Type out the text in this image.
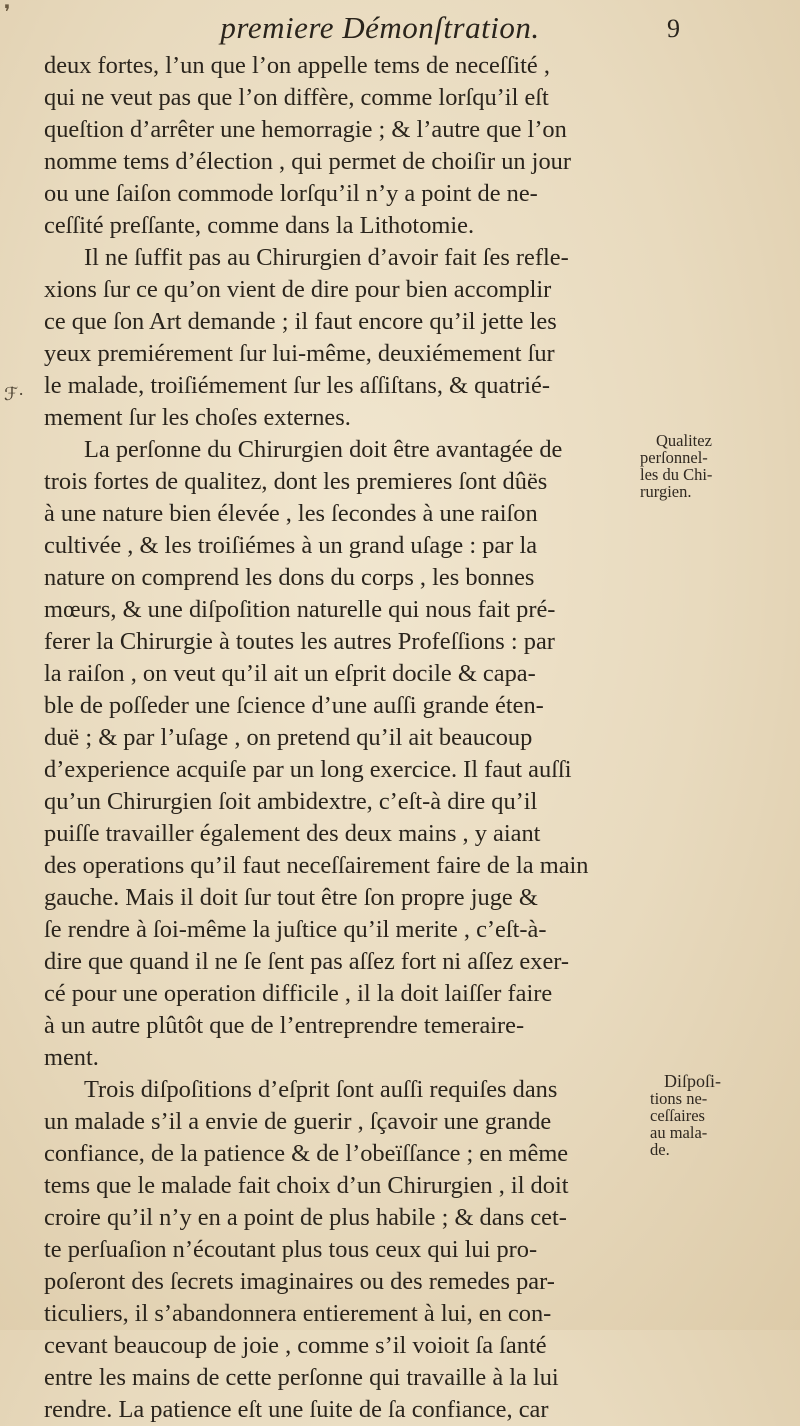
premiere Démonſtration.	9
deux fortes, l’un que l’on appelle tems de neceſſité ,
qui ne veut pas que l’on diffère, comme lorſqu’il eſt
queſtion d’arrêter une hemorragie ; & l’autre que l’on
nomme tems d’élection , qui permet de choiſir un jour
ou une ſaiſon commode lorſqu’il n’y a point de ne-
ceſſité preſſante, comme dans la Lithotomie.
Il ne ſuffit pas au Chirurgien d’avoir fait ſes refle-
xions ſur ce qu’on vient de dire pour bien accomplir
ce que ſon Art demande ; il faut encore qu’il jette les
yeux premiérement ſur lui-même, deuxiémement ſur
le malade, troiſiémement ſur les aſſiſtans, & quatrié-
mement ſur les choſes externes.
La perſonne du Chirurgien doit être avantagée de
trois fortes de qualitez, dont les premieres ſont dûës
à une nature bien élevée , les ſecondes à une raiſon
cultivée , & les troiſiémes à un grand uſage : par la
nature on comprend les dons du corps , les bonnes
mœurs, & une diſpoſition naturelle qui nous fait pré-
ferer la Chirurgie à toutes les autres Profeſſions : par
la raiſon , on veut qu’il ait un eſprit docile & capa-
ble de poſſeder une ſcience d’une auſſi grande éten-
duë ; & par l’uſage , on pretend qu’il ait beaucoup
d’experience acquiſe par un long exercice. Il faut auſſi
qu’un Chirurgien ſoit ambidextre, c’eſt-à dire qu’il
puiſſe travailler également des deux mains , y aiant
des operations qu’il faut neceſſairement faire de la main
gauche. Mais il doit ſur tout être ſon propre juge &
ſe rendre à ſoi-même la juſtice qu’il merite , c’eſt-à-
dire que quand il ne ſe ſent pas aſſez fort ni aſſez exer-
cé pour une operation difficile , il la doit laiſſer faire
à un autre plûtôt que de l’entreprendre temeraire-
ment.
Trois diſpoſitions d’eſprit ſont auſſi requiſes dans
un malade s’il a envie de guerir , ſçavoir une grande
confiance, de la patience & de l’obeïſſance ; en même
tems que le malade fait choix d’un Chirurgien , il doit
croire qu’il n’y en a point de plus habile ; & dans cet-
te perſuaſion n’écoutant plus tous ceux qui lui pro-
poſeront des ſecrets imaginaires ou des remedes par-
ticuliers, il s’abandonnera entierement à lui, en con-
cevant beaucoup de joie , comme s’il voioit ſa ſanté
entre les mains de cette perſonne qui travaille à la lui
rendre. La patience eſt une ſuite de ſa confiance, car
Qualitez
perſonnel-
les du Chi-
rurgien.
Diſpoſi-
tions ne-
ceſſaires
au mala-
de.
ℱ·
❜
